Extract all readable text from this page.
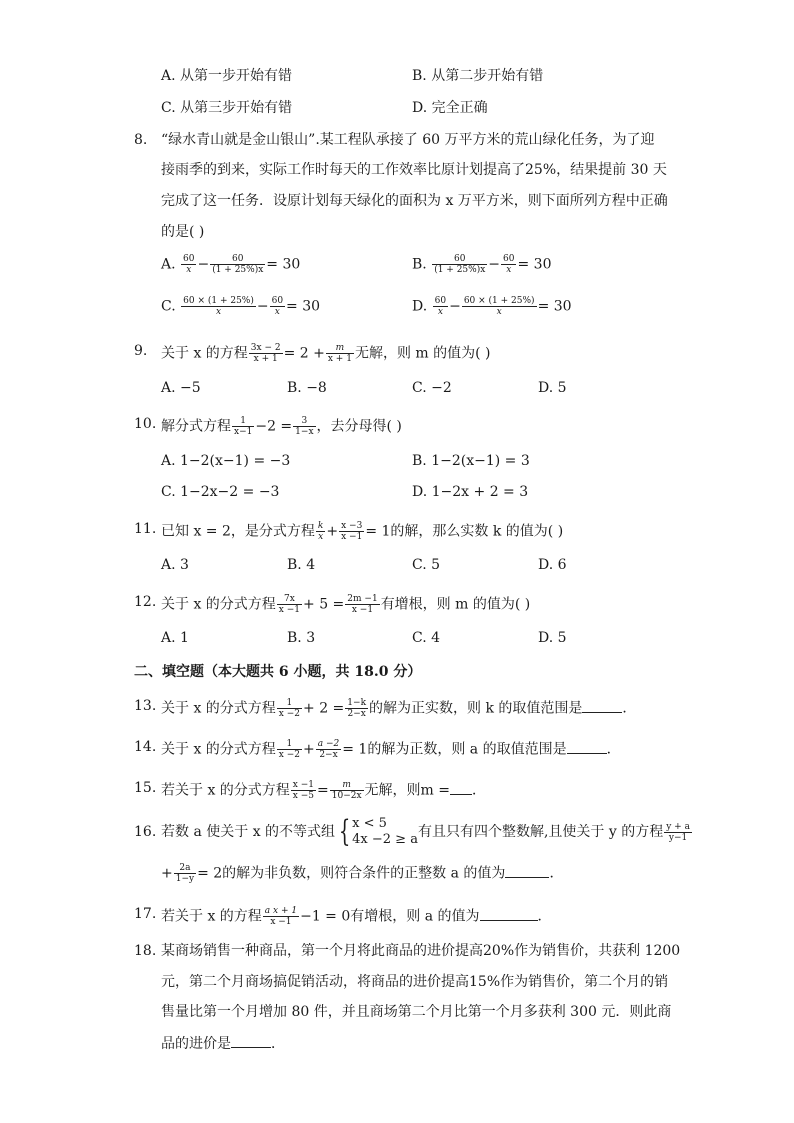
A. 从第一步开始有错	B. 从第二步开始有错
C. 从第三步开始有错	D. 完全正确
8. “绿水青山就是金山银山”.某工程队承接了 60 万平方米的荒山绿化任务，为了迎
接雨季的到来，实际工作时每天的工作效率比原计划提高了25%，结果提前 30 天
完成了这一任务．设原计划每天绿化的面积为 x 万平方米，则下面所列方程中正确
的是( )
A. $\frac{60}{x} - \frac{60}{(1 + 25\%)x} = 30$	B. $\frac{60}{(1 + 25\%)x} - \frac{60}{x} = 30$
C. $\frac{60 \times (1 + 25\%)}{x} - \frac{60}{x} = 30$	D. $\frac{60}{x} - \frac{60 \times (1 + 25\%)}{x} = 30$
9. 关于 x 的方程 $\frac{3x - 2}{x + 1} = 2 + \frac{m}{x + 1}$ 无解，则 m 的值为( )
A. −5	B. −8	C. −2	D. 5
10. 解分式方程 $\frac{1}{x-1} -2 = \frac{3}{1-x}$ ，去分母得( )
A. 1−2(x−1) = −3	B. 1−2(x−1) = 3
C. 1−2x−2 = −3	D. 1−2x + 2 = 3
11. 已知 x = 2，是分式方程 $\frac{k}{x} + \frac{x -3}{x -1} = 1$的解，那么实数 k 的值为( )
A. 3	B. 4	C. 5	D. 6
12. 关于 x 的分式方程 $\frac{7x}{x -1} + 5 = \frac{2m -1}{x -1}$ 有增根，则 m 的值为( )
A. 1	B. 3	C. 4	D. 5
二、填空题（本大题共 6 小题，共 18.0 分）
13. 关于 x 的分式方程 $\frac{1}{x -2} + 2 = \frac{1-k}{2-x}$ 的解为正实数，则 k 的取值范围是	．
14. 关于 x 的分式方程 $\frac{1}{x -2} + \frac{a -2}{2-x} = 1$的解为正数，则 a 的取值范围是	．
15. 若关于 x 的分式方程 $\frac{x -1}{x -5} = \frac{m}{10-2x}$ 无解，则m = ．
16. 若数 a 使关于 x 的不等式组 { x < 5
4x −2 ≥ a 有且只有四个整数解,且使关于 y 的方程 $\frac{y + a}{y-1}$
+ $\frac{2a}{1-y} = 2$的解为非负数，则符合条件的正整数 a 的值为	．
17. 若关于 x 的方程 $\frac{\text{a x + 1}}{x -1} -1 = 0$有增根，则 a 的值为	．
18. 某商场销售一种商品，第一个月将此商品的进价提高20%作为销售价，共获利 1200
元，第二个月商场搞促销活动，将商品的进价提高15%作为销售价，第二个月的销
售量比第一个月增加 80 件，并且商场第二个月比第一个月多获利 300 元．则此商
品的进价是	．
